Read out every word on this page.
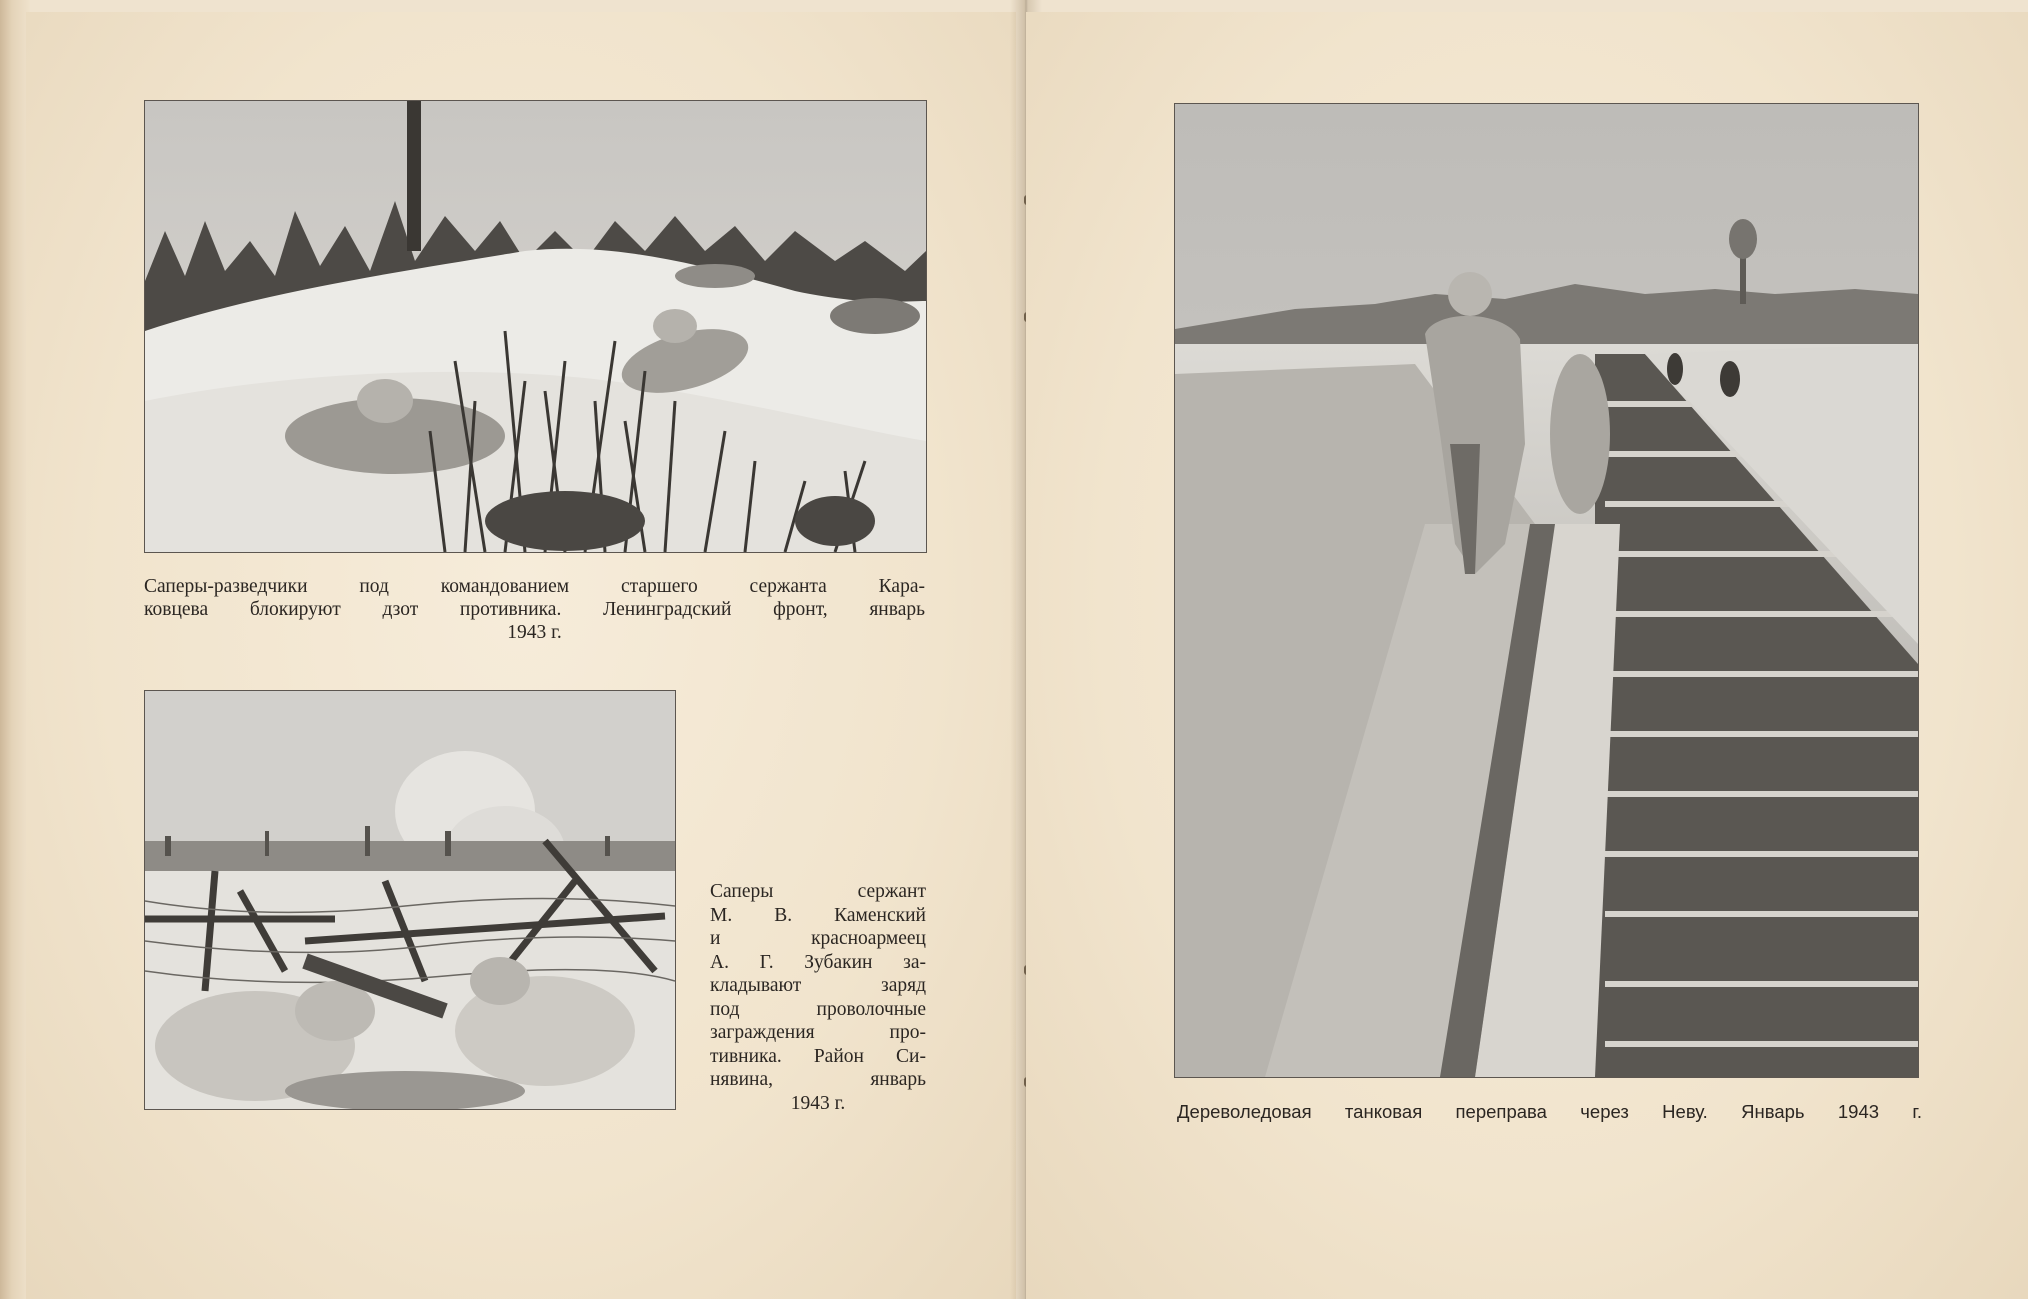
Саперы-разведчики под командованием старшего сержанта Кара-
ковцева блокируют дзот противника. Ленинградский фронт, январь
1943 г.
Саперы сержант
М. В. Каменский
и красноармеец
А. Г. Зубакин за-
кладывают заряд
под проволочные
заграждения про-
тивника. Район Си-
нявина, январь
1943 г.	Дереволедовая танковая переправа через Неву. Январь 1943 г.
